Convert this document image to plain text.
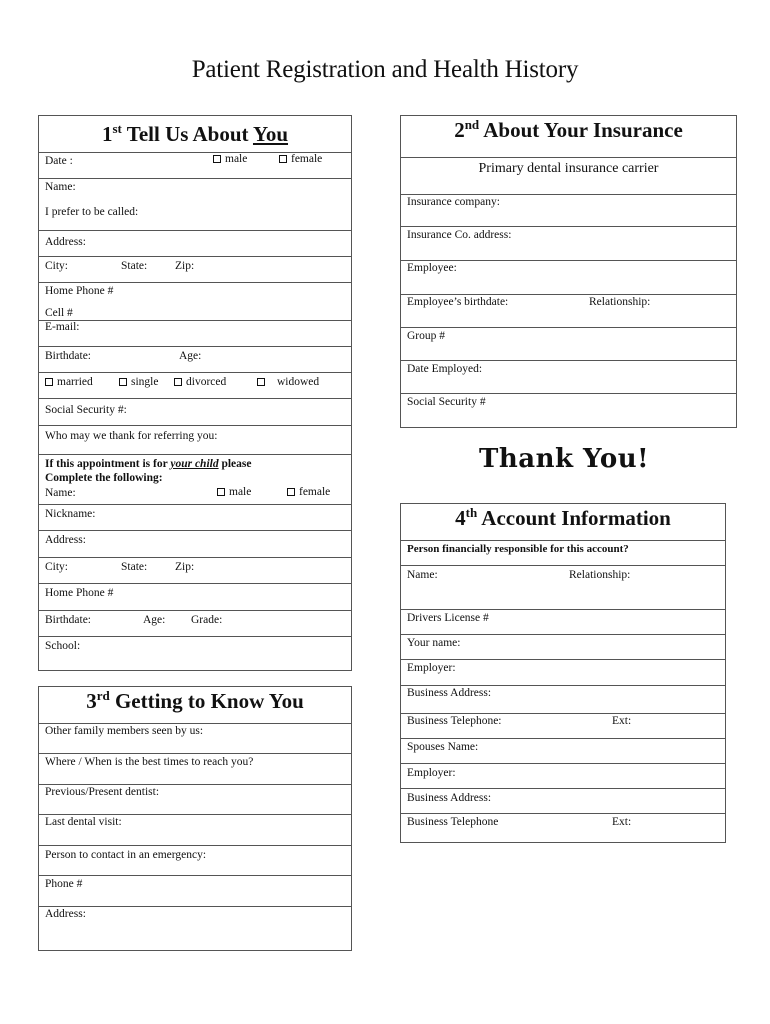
Patient Registration and Health History
1st Tell Us About You
Date :	male	female
Name:
I prefer to be called:
Address:
City:	State: Zip:
Home Phone #
Cell #
E-mail:
Birthdate:	Age:
married	single	divorced	widowed
Social Security #:
Who may we thank for referring you:
If this appointment is for your child please
Complete the following:
Name:	male	female
Nickname:
Address:
City:	State: Zip:
Home Phone #
Birthdate:	Age: Grade:
School:
2nd About Your Insurance
Primary dental insurance carrier
Insurance company:
Insurance Co. address:
Employee:
Employee’s birthdate:	Relationship:
Group #
Date Employed:
Social Security #
Thank You!
3rd Getting to Know You
Other family members seen by us:
Where / When is the best times to reach you?
Previous/Present dentist:
Last dental visit:
Person to contact in an emergency:
Phone #
Address:
4th Account Information
Person financially responsible for this account?
Name:	Relationship:
Drivers License #
Your name:
Employer:
Business Address:
Business Telephone:	Ext:
Spouses Name:
Employer:
Business Address:
Business Telephone	Ext:
